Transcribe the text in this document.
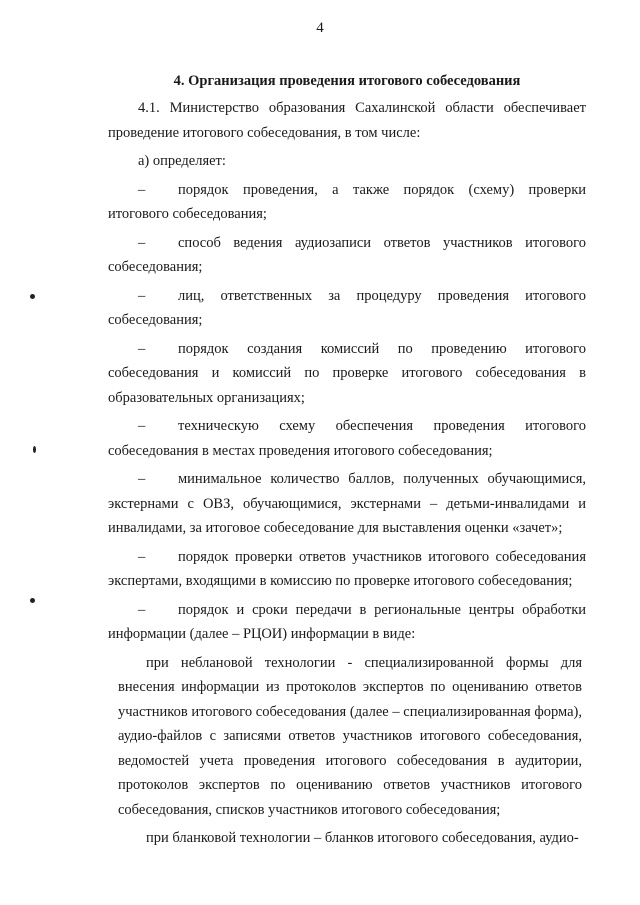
4
4. Организация проведения итогового собеседования

4.1. Министерство образования Сахалинской области обеспечивает проведение итогового собеседования, в том числе:

а) определяет:

– порядок проведения, а также порядок (схему) проверки итогового собеседования;

– способ ведения аудиозаписи ответов участников итогового собеседования;

– лиц, ответственных за процедуру проведения итогового собеседования;

– порядок создания комиссий по проведению итогового собеседования и комиссий по проверке итогового собеседования в образовательных организациях;

– техническую схему обеспечения проведения итогового собеседования в местах проведения итогового собеседования;

– минимальное количество баллов, полученных обучающимися, экстернами с ОВЗ, обучающимися, экстернами – детьми-инвалидами и инвалидами, за итоговое собеседование для выставления оценки «зачет»;

– порядок проверки ответов участников итогового собеседования экспертами, входящими в комиссию по проверке итогового собеседования;

– порядок и сроки передачи в региональные центры обработки информации (далее – РЦОИ) информации в виде:

при неблановой технологии - специализированной формы для внесения информации из протоколов экспертов по оцениванию ответов участников итогового собеседования (далее – специализированная форма), аудио-файлов с записями ответов участников итогового собеседования, ведомостей учета проведения итогового собеседования в аудитории, протоколов экспертов по оцениванию ответов участников итогового собеседования, списков участников итогового собеседования;

при бланковой технологии – бланков итогового собеседования, аудио-
